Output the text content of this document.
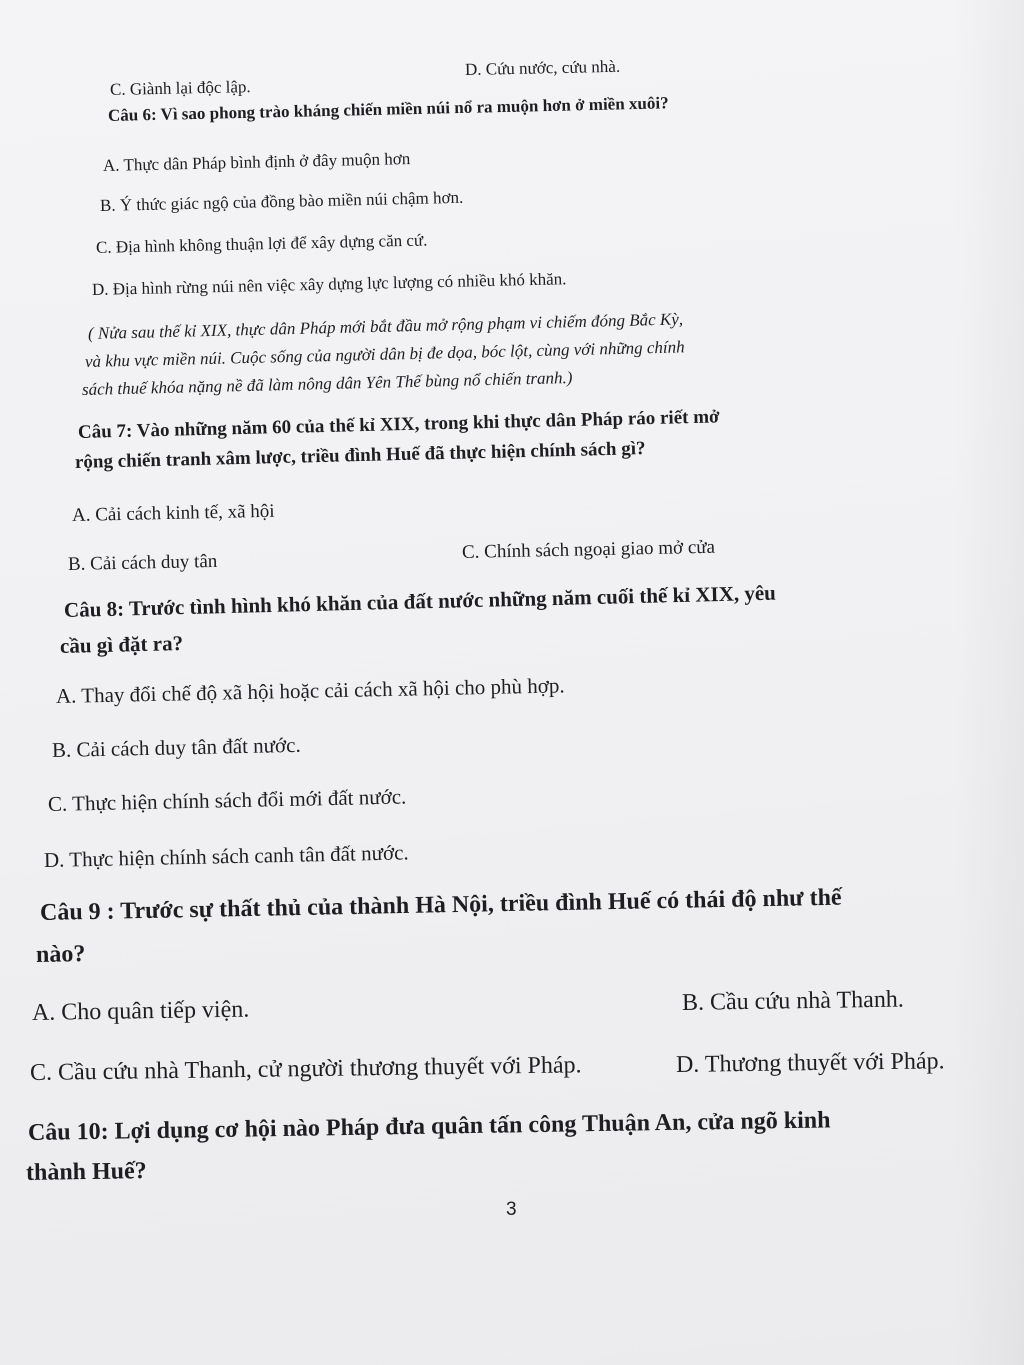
C. Giành lại độc lập.
D. Cứu nước, cứu nhà.
Câu 6: Vì sao phong trào kháng chiến miền núi nổ ra muộn hơn ở miền xuôi?
A. Thực dân Pháp bình định ở đây muộn hơn
B. Ý thức giác ngộ của đồng bào miền núi chậm hơn.
C. Địa hình không thuận lợi để xây dựng căn cứ.
D. Địa hình rừng núi nên việc xây dựng lực lượng có nhiều khó khăn.
( Nửa sau thế kỉ XIX, thực dân Pháp mới bắt đầu mở rộng phạm vi chiếm đóng Bắc Kỳ,
và khu vực miền núi. Cuộc sống của người dân bị đe dọa, bóc lột, cùng với những chính
sách thuế khóa nặng nề đã làm nông dân Yên Thế bùng nổ chiến tranh.)
Câu 7: Vào những năm 60 của thế kỉ XIX, trong khi thực dân Pháp ráo riết mở
rộng chiến tranh xâm lược, triều đình Huế đã thực hiện chính sách gì?
A. Cải cách kinh tế, xã hội
B. Cải cách duy tân	C. Chính sách ngoại giao mở cửa
Câu 8: Trước tình hình khó khăn của đất nước những năm cuối thế kỉ XIX, yêu
cầu gì đặt ra?
A. Thay đổi chế độ xã hội hoặc cải cách xã hội cho phù hợp.
B. Cải cách duy tân đất nước.
C. Thực hiện chính sách đổi mới đất nước.
D. Thực hiện chính sách canh tân đất nước.
Câu 9 : Trước sự thất thủ của thành Hà Nội, triều đình Huế có thái độ như thế
nào?
A. Cho quân tiếp viện.	B. Cầu cứu nhà Thanh.
C. Cầu cứu nhà Thanh, cử người thương thuyết với Pháp.	D. Thương thuyết với Pháp.
Câu 10: Lợi dụng cơ hội nào Pháp đưa quân tấn công Thuận An, cửa ngõ kinh
thành Huế?
3
